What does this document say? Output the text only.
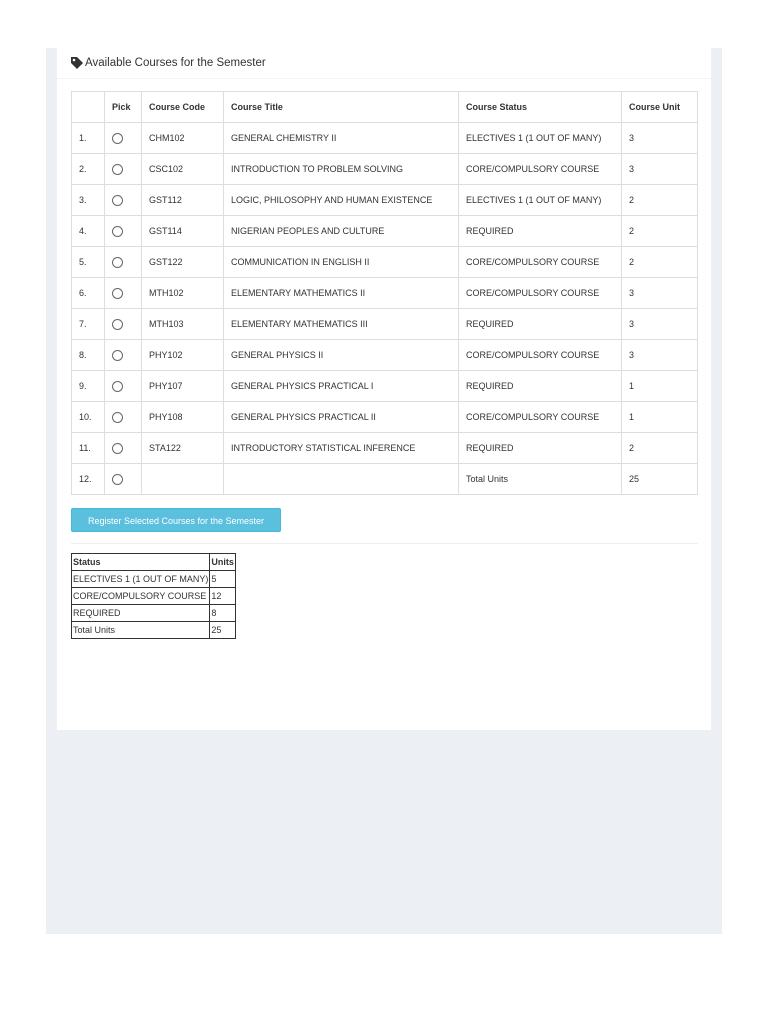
Available Courses for the Semester
	Pick	Course Code	Course Title	Course Status	Course Unit
1.		CHM102	GENERAL CHEMISTRY II	ELECTIVES 1 (1 OUT OF MANY)	3
2.		CSC102	INTRODUCTION TO PROBLEM SOLVING	CORE/COMPULSORY COURSE	3
3.		GST112	LOGIC, PHILOSOPHY AND HUMAN EXISTENCE	ELECTIVES 1 (1 OUT OF MANY)	2
4.		GST114	NIGERIAN PEOPLES AND CULTURE	REQUIRED	2
5.		GST122	COMMUNICATION IN ENGLISH II	CORE/COMPULSORY COURSE	2
6.		MTH102	ELEMENTARY MATHEMATICS II	CORE/COMPULSORY COURSE	3
7.		MTH103	ELEMENTARY MATHEMATICS III	REQUIRED	3
8.		PHY102	GENERAL PHYSICS II	CORE/COMPULSORY COURSE	3
9.		PHY107	GENERAL PHYSICS PRACTICAL I	REQUIRED	1
10.		PHY108	GENERAL PHYSICS PRACTICAL II	CORE/COMPULSORY COURSE	1
11.		STA122	INTRODUCTORY STATISTICAL INFERENCE	REQUIRED	2
12.				Total Units	25
Register Selected Courses for the Semester
Status	Units
ELECTIVES 1 (1 OUT OF MANY)	5
CORE/COMPULSORY COURSE	12
REQUIRED	8
Total Units	25
